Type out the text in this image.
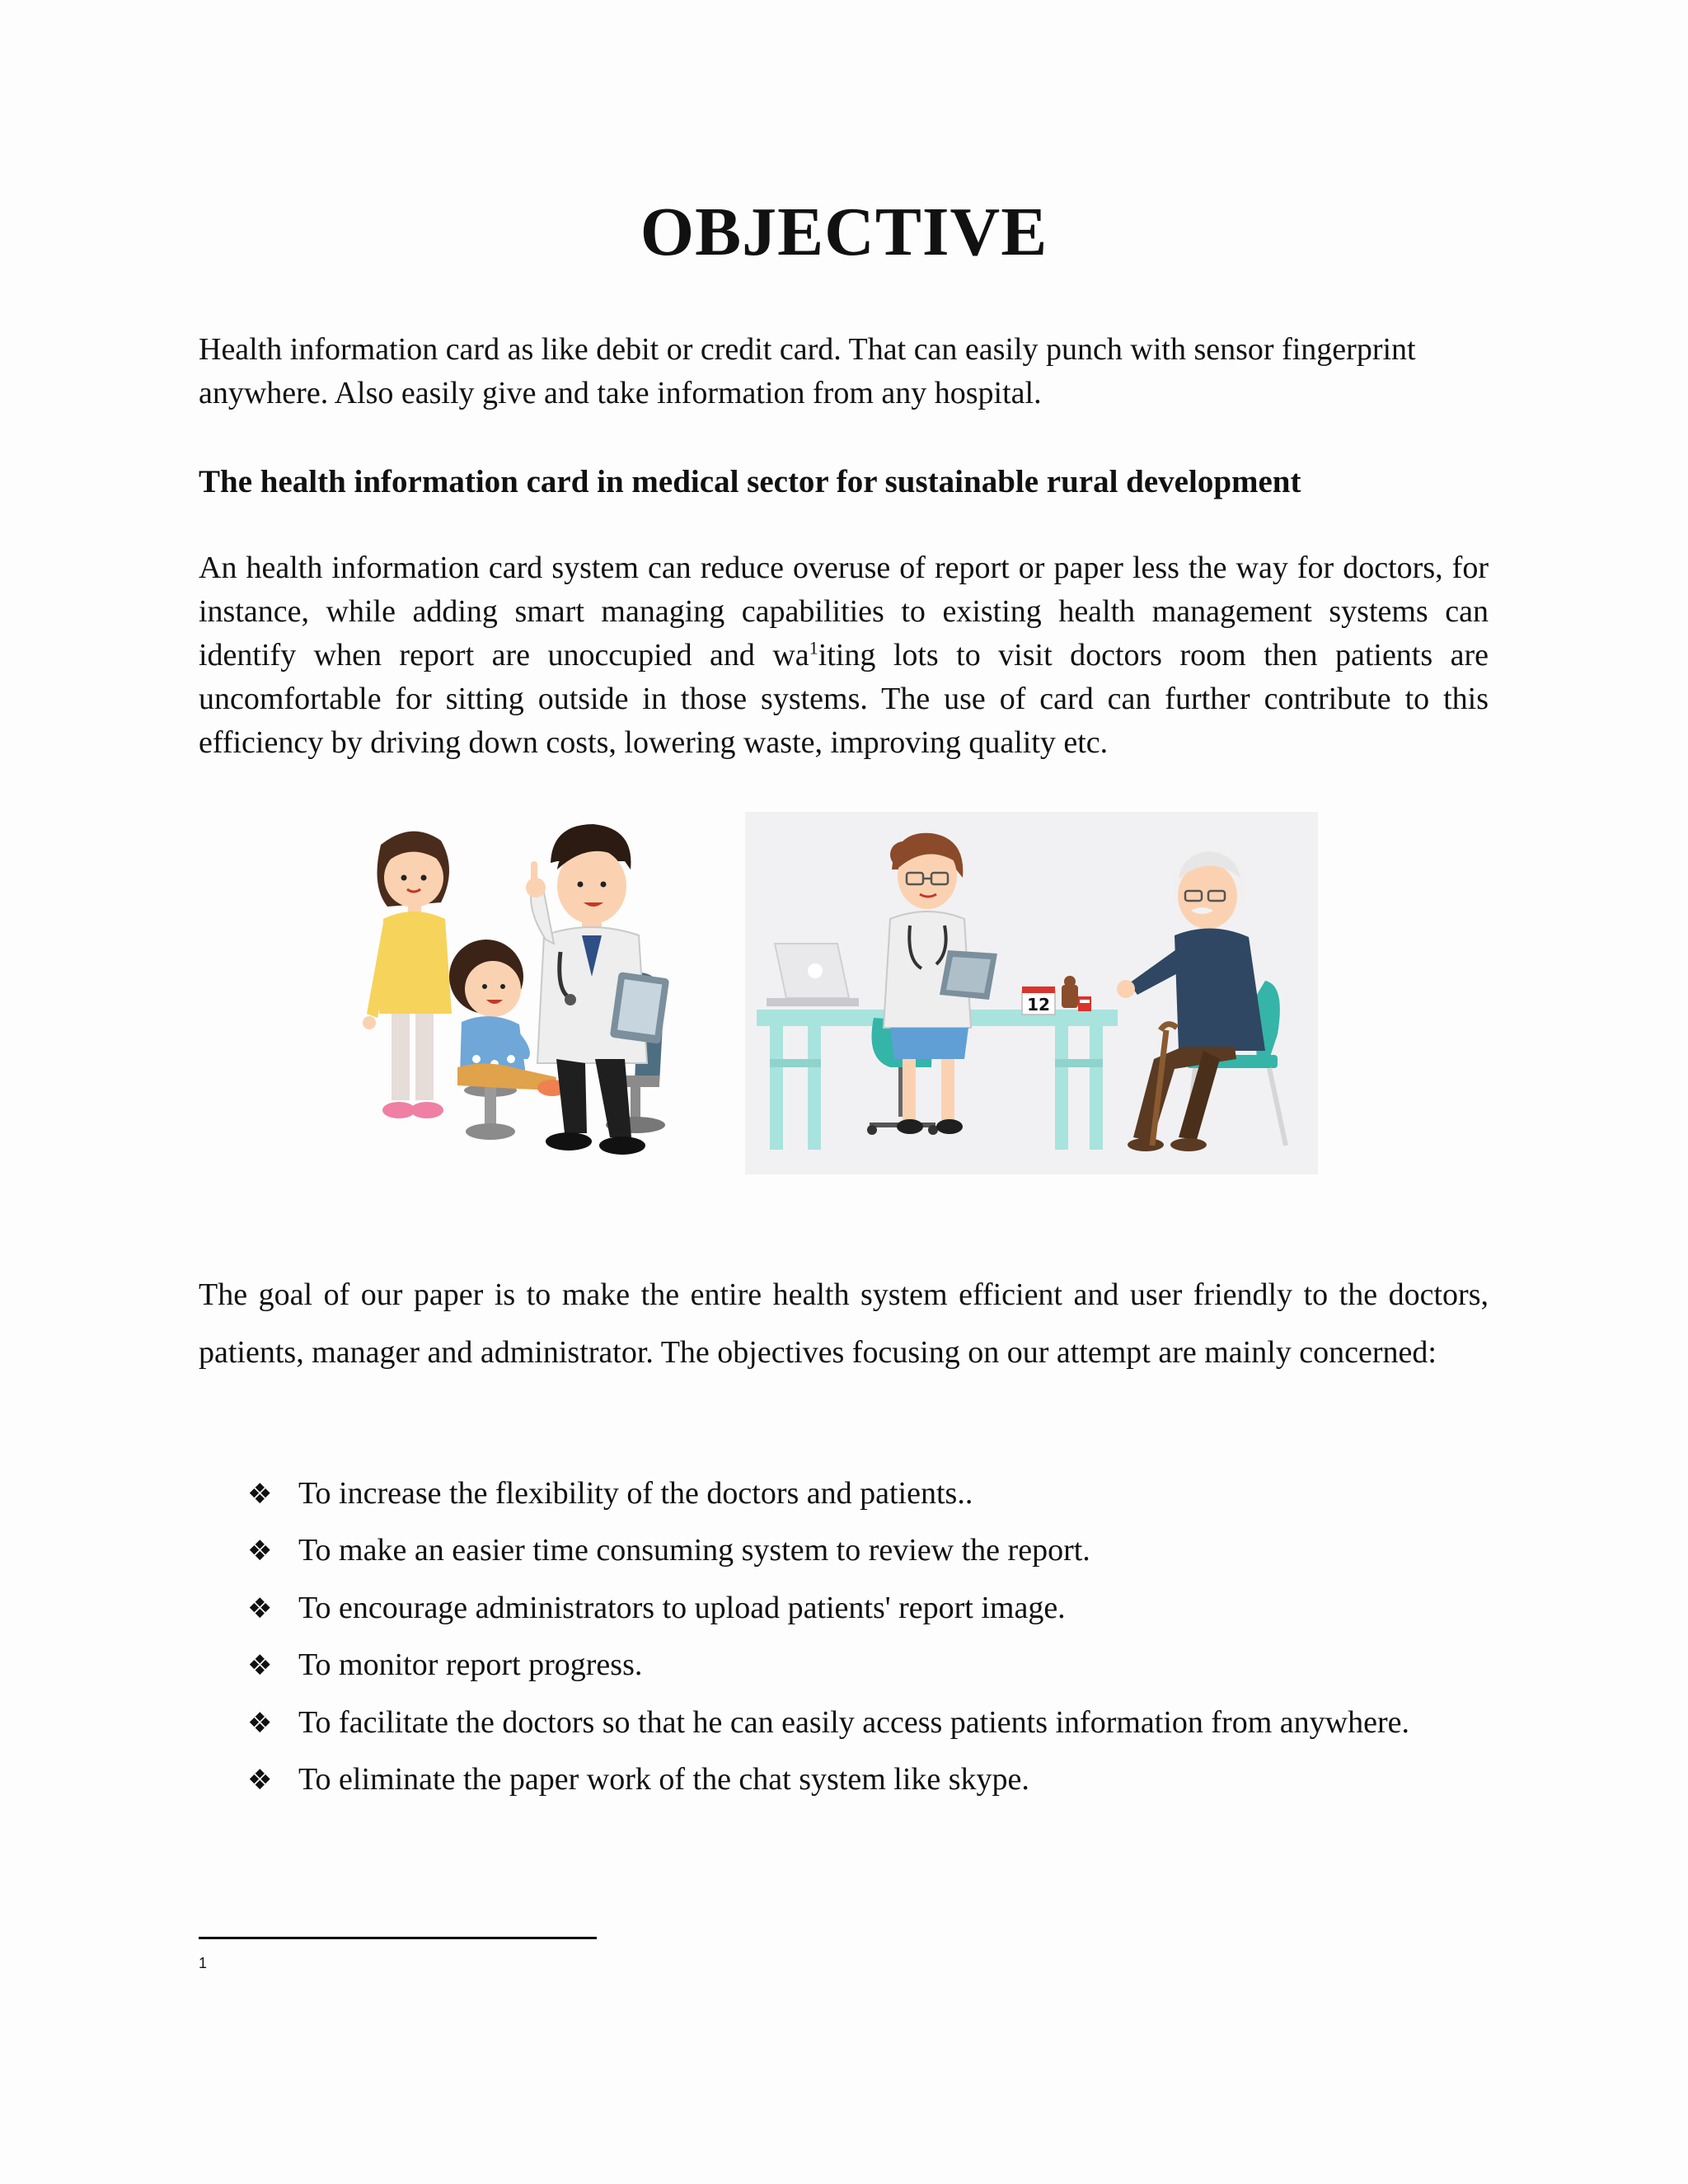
OBJECTIVE

Health information card as like debit or credit card. That can easily punch with sensor fingerprint anywhere. Also easily give and take information from any hospital.

The health information card in medical sector for sustainable rural development

An health information card system can reduce overuse of report or paper less the way for doctors, for instance, while adding smart managing capabilities to existing health management systems can identify when report are unoccupied and $wa^1iting$ lots to visit doctors room then patients are uncomfortable for sitting outside in those systems. The use of card can further contribute to this efficiency by driving down costs, lowering waste, improving quality etc.

12

The goal of our paper is to make the entire health system efficient and user friendly to the doctors, patients, manager and administrator. The objectives focusing on our attempt are mainly concerned:

❖ To increase the flexibility of the doctors and patients..
❖ To make an easier time consuming system to review the report.
❖ To encourage administrators to upload patients' report image.
❖ To monitor report progress.
❖ To facilitate the doctors so that he can easily access patients information from anywhere.
❖ To eliminate the paper work of the chat system like skype.
1
